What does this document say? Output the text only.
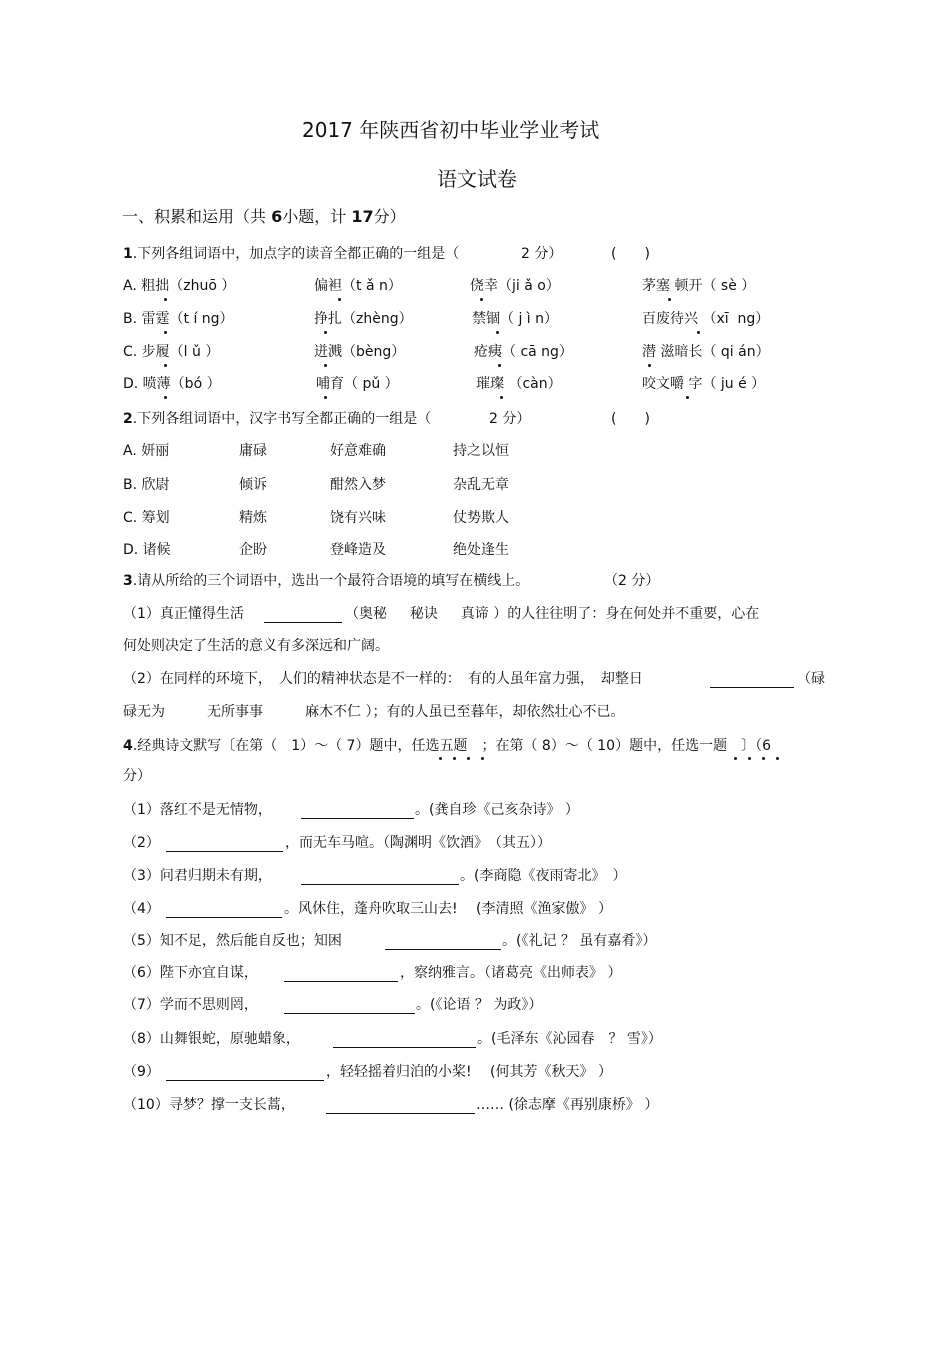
2017 年陕西省初中毕业学业考试
语文试卷
一、积累和运用（共 6小题，计 17分）
1.下列各组词语中，加点字的读音全都正确的一组是（	2 分）	(　　)
A. 粗拙（zhuō ）	偏袒（t ǎ n）	侥幸（ji ǎ o）	茅塞 顿开（ sè ）
B. 雷霆（t í ng）	挣扎（zhèng）	禁锢（ j ì n）	百废待兴 （xī  ng）
C. 步履（l ǔ ）	迸溅（bèng）	疮痍（ cā ng）	潜 滋暗长（ qi án）
D. 喷薄（bó ）	哺育（ pǔ ）	璀璨 （càn）	咬文嚼 字（ ju é ）
2.下列各组词语中，汉字书写全都正确的一组是（	2 分）	(　　)
A. 妍丽	庸碌	好意难确	持之以恒
B. 欣尉	倾诉	酣然入梦	杂乱无章
C. 筹划	精炼	饶有兴味	仗势欺人
D. 诸候	企盼	登峰造及	绝处逢生
3.请从所给的三个词语中，选出一个最符合语境的填写在横线上。	（2 分）
（1）真正懂得生活	（奥秘　  秘诀　  真谛 ）的人往往明了：身在何处并不重要，心在
何处则决定了生活的意义有多深远和广阔。
（2）在同样的环境下，　人们的精神状态是不一样的：　有的人虽年富力强，　却整日	（碌
碌无为　　　无所事事　　　麻木不仁 ）；有的人虽已至暮年，却依然壮心不已。
4.经典诗文默写〔在第（　1）～（ 7）题中，任选五题　；在第（ 8）～（ 10）题中，任选一题　〕（6
分）
（1）落红不是无情物，	。(龚自珍《己亥杂诗》 ）
（2）	，而无车马喧。（陶渊明《饮酒》　（其五））
（3）问君归期未有期，	。(李商隐《夜雨寄北》　）
（4）	。风休住，蓬舟吹取三山去!　 (李清照《渔家傲》 ）
（5）知不足，然后能自反也；知困	。(《礼记 ？ 虽有嘉肴》）
（6）陛下亦宜自谋，	，察纳雅言。（诸葛亮《出师表》 ）
（7）学而不思则罔，	。(《论语 ？ 为政》）
（8）山舞银蛇，原驰蜡象，	。(毛泽东《沁园春　？ 雪》）
（9）	，轻轻摇着归泊的小桨!　 (何其芳《秋天》 ）
（10）寻梦？撑一支长蒿，	…… (徐志摩《再别康桥》 ）
